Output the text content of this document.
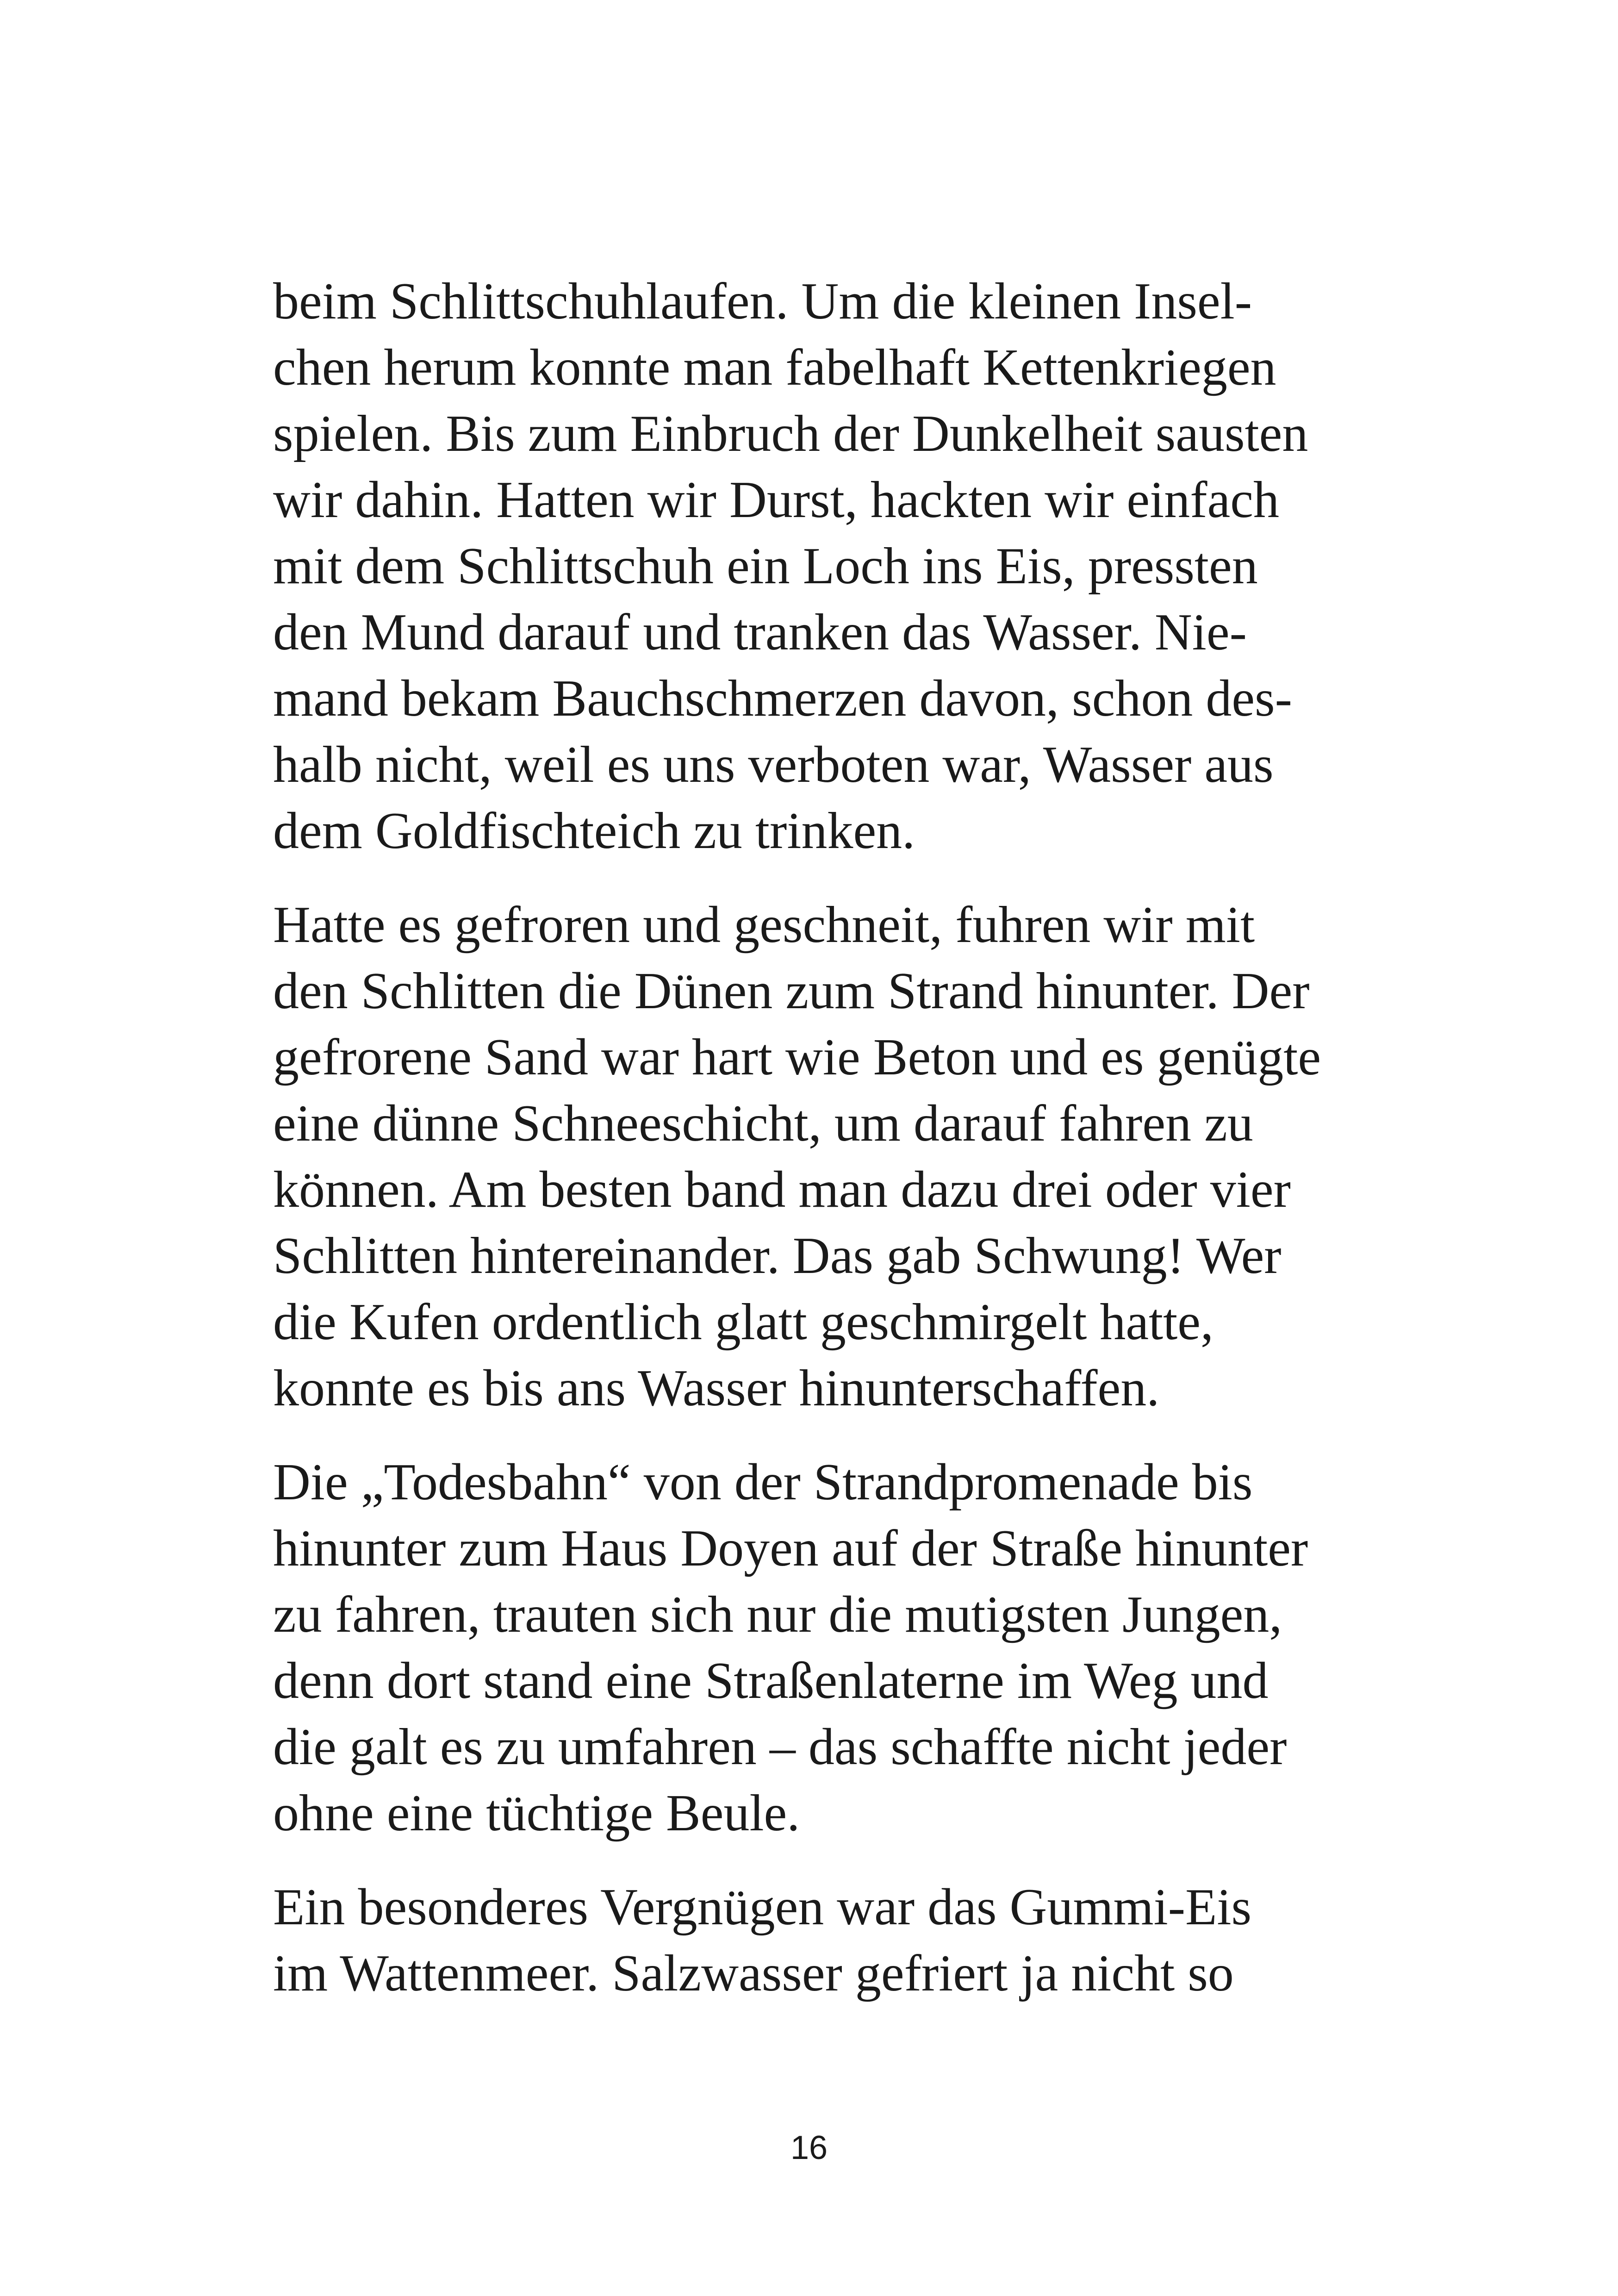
beim Schlittschuhlaufen. Um die kleinen Insel-
chen herum konnte man fabelhaft Kettenkriegen
spielen. Bis zum Einbruch der Dunkelheit sausten
wir dahin. Hatten wir Durst, hackten wir einfach
mit dem Schlittschuh ein Loch ins Eis, pressten
den Mund darauf und tranken das Wasser. Nie-
mand bekam Bauchschmerzen davon, schon des-
halb nicht, weil es uns verboten war, Wasser aus
dem Goldfischteich zu trinken.

Hatte es gefroren und geschneit, fuhren wir mit
den Schlitten die Dünen zum Strand hinunter. Der
gefrorene Sand war hart wie Beton und es genügte
eine dünne Schneeschicht, um darauf fahren zu
können. Am besten band man dazu drei oder vier
Schlitten hintereinander. Das gab Schwung! Wer
die Kufen ordentlich glatt geschmirgelt hatte,
konnte es bis ans Wasser hinunterschaffen.

Die „Todesbahn“ von der Strandpromenade bis
hinunter zum Haus Doyen auf der Straße hinunter
zu fahren, trauten sich nur die mutigsten Jungen,
denn dort stand eine Straßenlaterne im Weg und
die galt es zu umfahren – das schaffte nicht jeder
ohne eine tüchtige Beule.

Ein besonderes Vergnügen war das Gummi-Eis
im Wattenmeer. Salzwasser gefriert ja nicht so

16
